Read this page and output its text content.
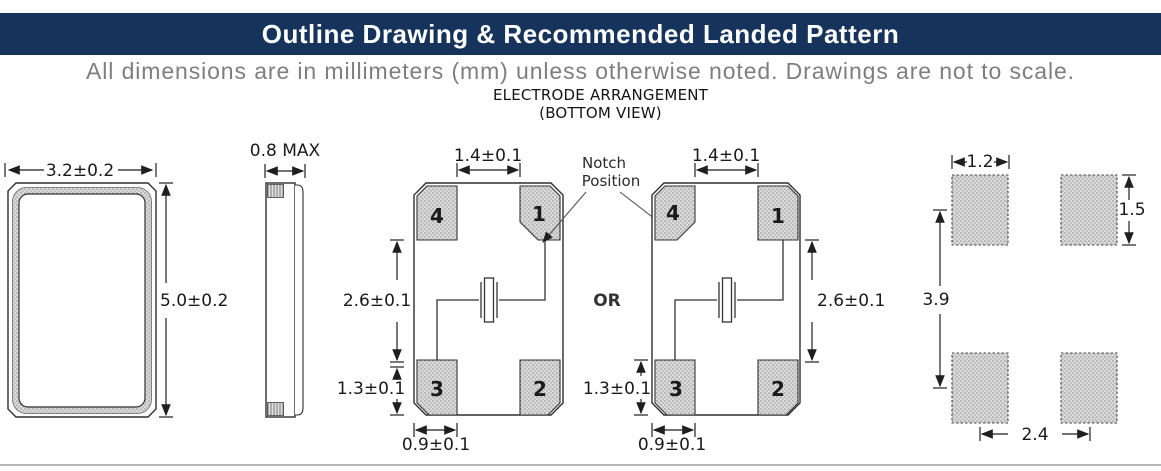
Outline Drawing & Recommended Landed Pattern
All dimensions are in millimeters (mm) unless otherwise noted. Drawings are not to scale.
ELECTRODE ARRANGEMENT
(BOTTOM VIEW)
3.2±0.2
5.0±0.2
0.8 MAX
4	1
3	2
1.4±0.1
2.6±0.1
1.3±0.1
0.9±0.1
OR
Notch
Position
4	1
3	2
1.4±0.1
2.6±0.1
1.3±0.1
0.9±0.1
1.2
1.5
3.9
2.4
